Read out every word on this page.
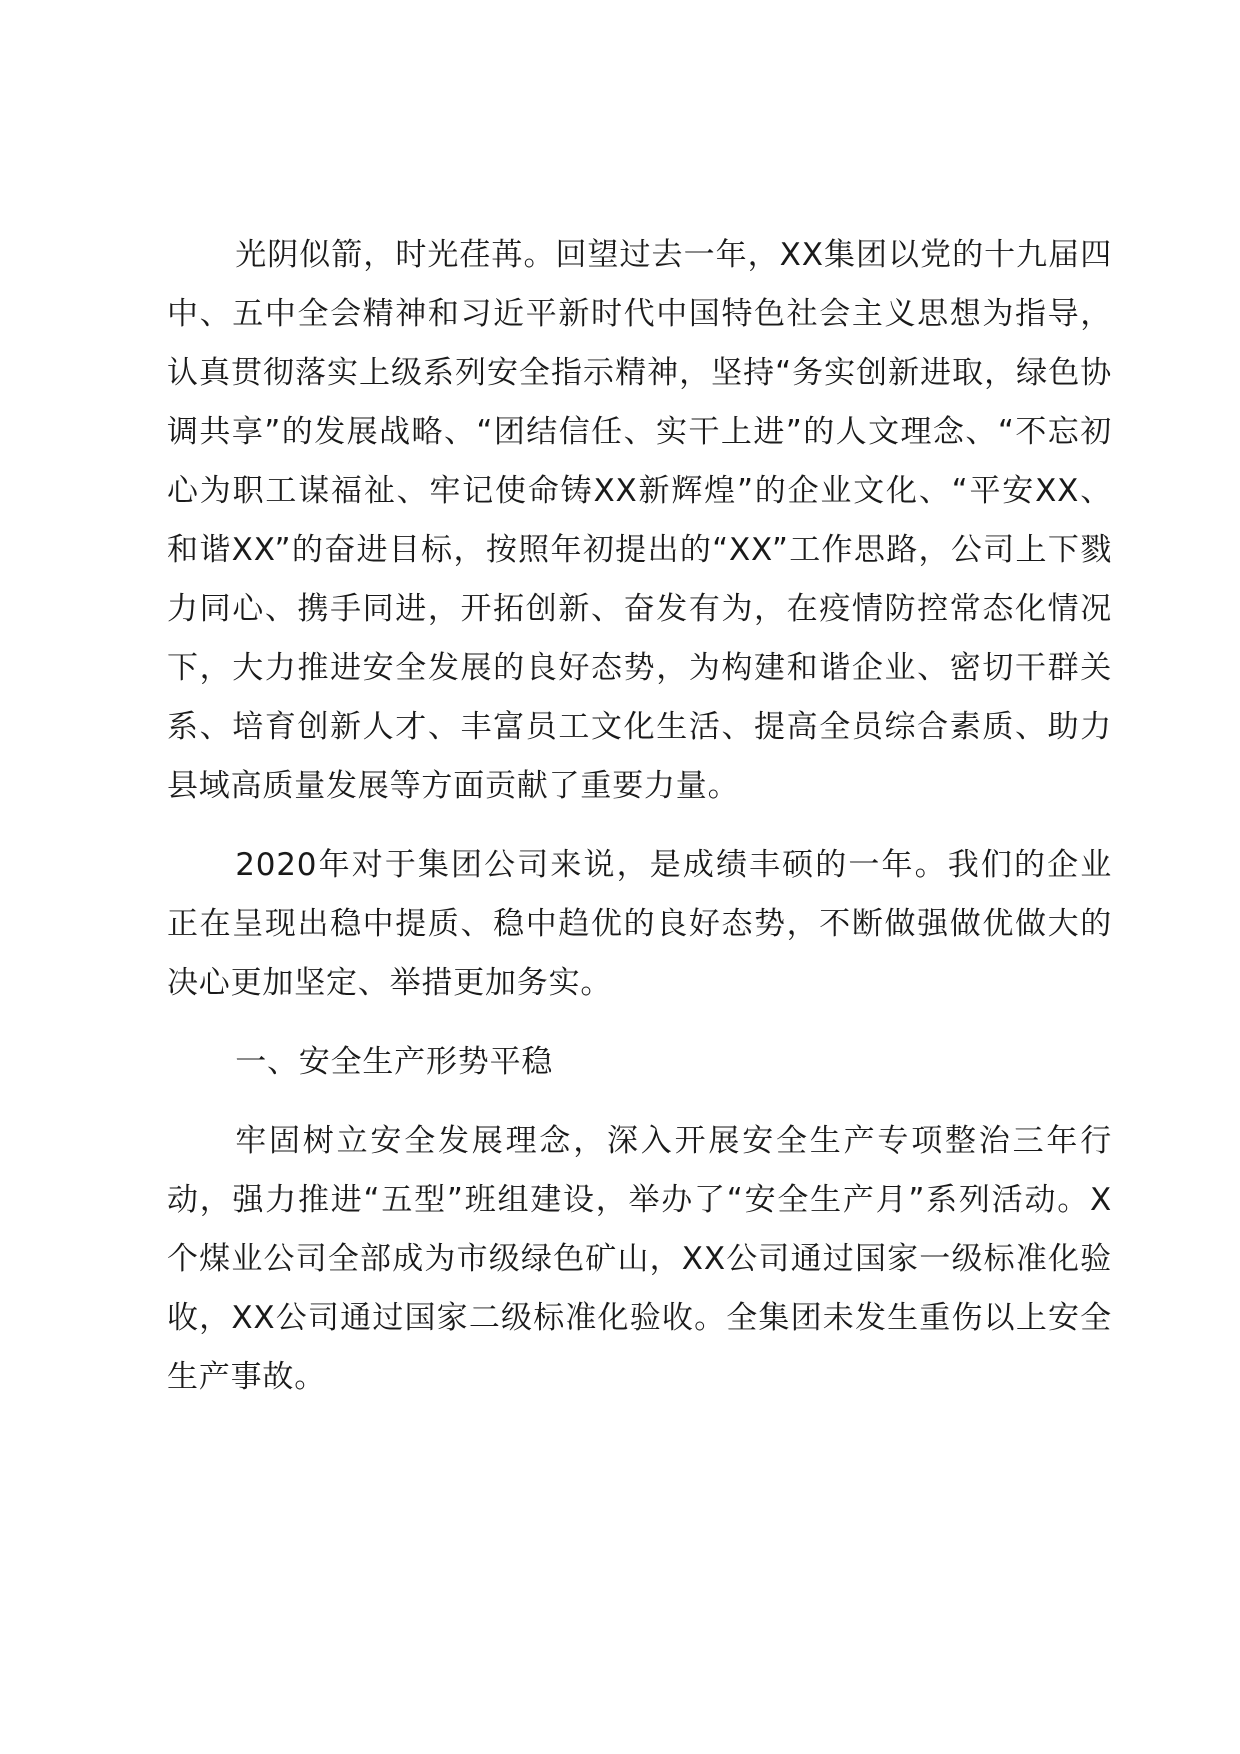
光阴似箭，时光荏苒。回望过去一年，XX集团以党的十九届四中、五中全会精神和习近平新时代中国特色社会主义思想为指导，认真贯彻落实上级系列安全指示精神，坚持“务实创新进取，绿色协调共享”的发展战略、“团结信任、实干上进”的人文理念、“不忘初心为职工谋福祉、牢记使命铸XX新辉煌”的企业文化、“平安XX、和谐XX”的奋进目标，按照年初提出的“XX”工作思路，公司上下戮力同心、携手同进，开拓创新、奋发有为，在疫情防控常态化情况下，大力推进安全发展的良好态势，为构建和谐企业、密切干群关系、培育创新人才、丰富员工文化生活、提高全员综合素质、助力县域高质量发展等方面贡献了重要力量。

2020年对于集团公司来说，是成绩丰硕的一年。我们的企业正在呈现出稳中提质、稳中趋优的良好态势，不断做强做优做大的决心更加坚定、举措更加务实。

一、安全生产形势平稳

牢固树立安全发展理念，深入开展安全生产专项整治三年行动，强力推进“五型”班组建设，举办了“安全生产月”系列活动。X个煤业公司全部成为市级绿色矿山，XX公司通过国家一级标准化验收，XX公司通过国家二级标准化验收。全集团未发生重伤以上安全生产事故。
